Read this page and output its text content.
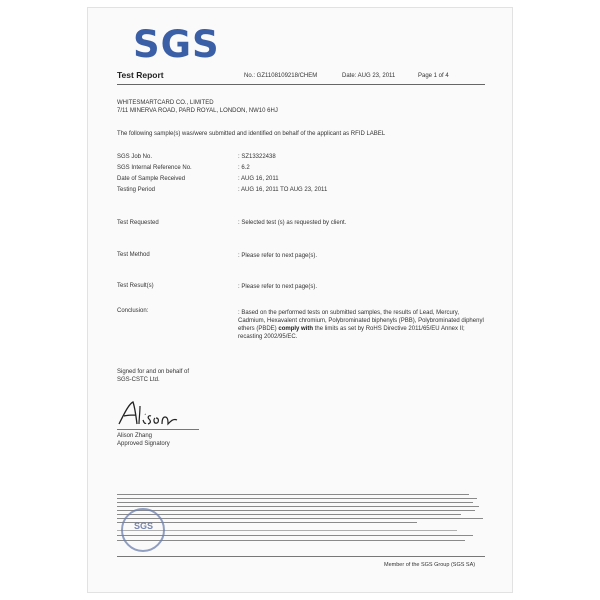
SGS
Test Report	No.: GZ1108109218/CHEM	Date: AUG 23, 2011	Page 1 of 4
WHITESMARTCARD CO., LIMITED
7/11 MINERVA ROAD, PARD ROYAL, LONDON, NW10 6HJ
The following sample(s) was/were submitted and identified on behalf of the applicant as RFID LABEL
SGS Job No.	: SZ13322438
SGS Internal Reference No.	: 6.2
Date of Sample Received	: AUG 16, 2011
Testing Period	: AUG 16, 2011 TO AUG 23, 2011
Test Requested	: Selected test (s) as requested by client.
Test Method	: Please refer to next page(s).
Test Result(s)	: Please refer to next page(s).
Conclusion:	: Based on the performed tests on submitted samples, the results of Lead, Mercury, Cadmium, Hexavalent chromium, Polybrominated biphenyls (PBB), Polybrominated diphenyl ethers (PBDE) comply with the limits as set by RoHS Directive 2011/65/EU Annex II; recasting 2002/95/EC.
Signed for and on behalf of
SGS-CSTC Ltd.
Alison
Alison Zhang
Approved Signatory
SGS
Member of the SGS Group (SGS SA)
